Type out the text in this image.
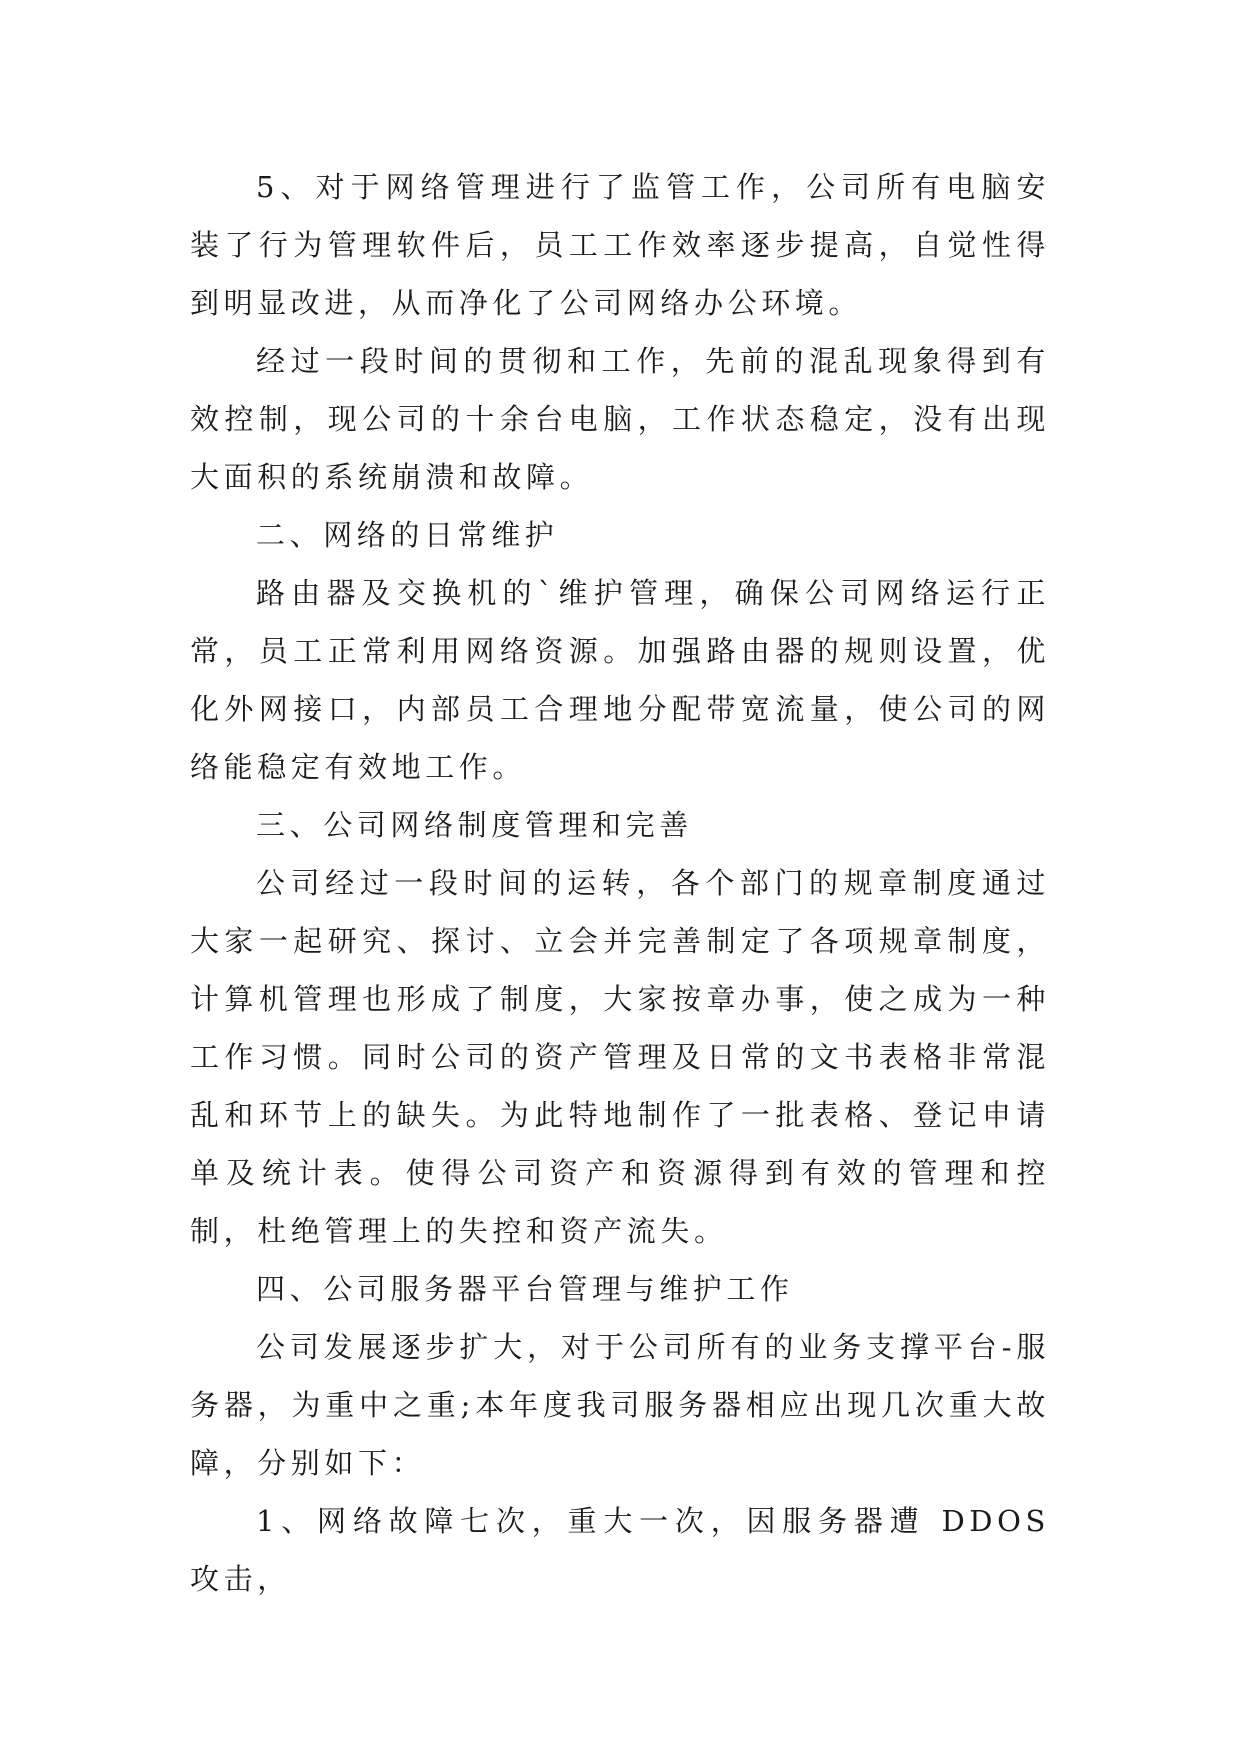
5、对于网络管理进行了监管工作，公司所有电脑安装了行为管理软件后，员工工作效率逐步提高，自觉性得到明显改进，从而净化了公司网络办公环境。

经过一段时间的贯彻和工作，先前的混乱现象得到有效控制，现公司的十余台电脑，工作状态稳定，没有出现大面积的系统崩溃和故障。

二、网络的日常维护

路由器及交换机的`维护管理，确保公司网络运行正常，员工正常利用网络资源。加强路由器的规则设置，优化外网接口，内部员工合理地分配带宽流量，使公司的网络能稳定有效地工作。

三、公司网络制度管理和完善

公司经过一段时间的运转，各个部门的规章制度通过大家一起研究、探讨、立会并完善制定了各项规章制度，计算机管理也形成了制度，大家按章办事，使之成为一种工作习惯。同时公司的资产管理及日常的文书表格非常混乱和环节上的缺失。为此特地制作了一批表格、登记申请单及统计表。使得公司资产和资源得到有效的管理和控制，杜绝管理上的失控和资产流失。

四、公司服务器平台管理与维护工作

公司发展逐步扩大，对于公司所有的业务支撑平台-服务器，为重中之重;本年度我司服务器相应出现几次重大故障，分别如下：

1、网络故障七次，重大一次，因服务器遭 DDOS 攻击，
